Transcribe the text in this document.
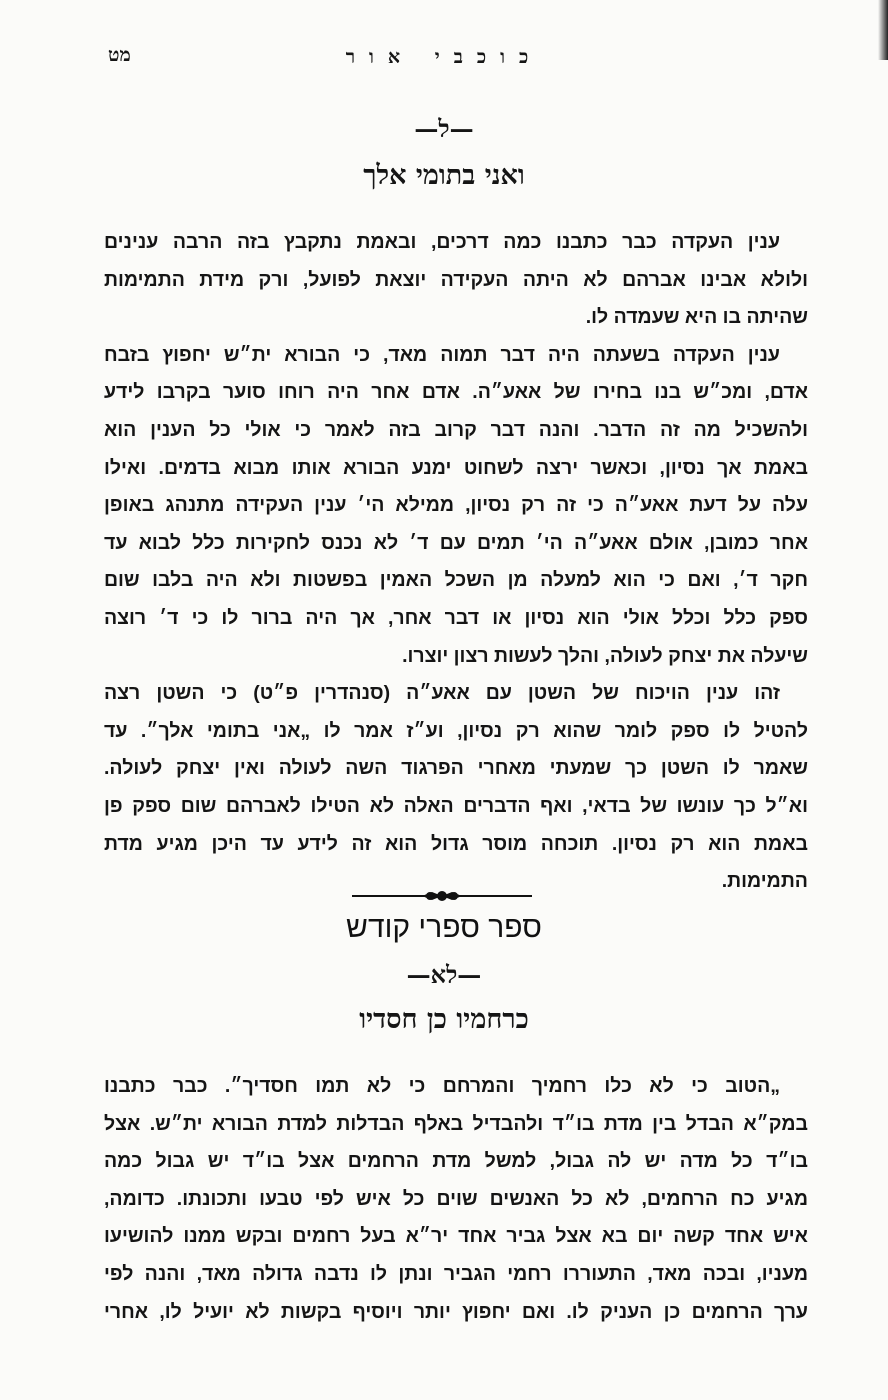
כוכבי אור
מט
—ל—
ואני בתומי אלך
ענין העקדה כבר כתבנו כמה דרכים, ובאמת נתקבץ בזה הרבה ענינים
ולולא אבינו אברהם לא היתה העקידה יוצאת לפועל, ורק מידת התמימות
שהיתה בו היא שעמדה לו.
ענין העקדה בשעתה היה דבר תמוה מאד, כי הבורא ית״ש יחפוץ בזבח
אדם, ומכ״ש בנו בחירו של אאע״ה. אדם אחר היה רוחו סוער בקרבו לידע
ולהשכיל מה זה הדבר. והנה דבר קרוב בזה לאמר כי אולי כל הענין הוא
באמת אך נסיון, וכאשר ירצה לשחוט ימנע הבורא אותו מבוא בדמים. ואילו
עלה על דעת אאע״ה כי זה רק נסיון, ממילא הי׳ ענין העקידה מתנהג באופן
אחר כמובן, אולם אאע״ה הי׳ תמים עם ד׳ לא נכנס לחקירות כלל לבוא עד
חקר ד׳, ואם כי הוא למעלה מן השכל האמין בפשטות ולא היה בלבו שום
ספק כלל וכלל אולי הוא נסיון או דבר אחר, אך היה ברור לו כי ד׳ רוצה
שיעלה את יצחק לעולה, והלך לעשות רצון יוצרו.
זהו ענין הויכוח של השטן עם אאע״ה (סנהדרין פ״ט) כי השטן רצה
להטיל לו ספק לומר שהוא רק נסיון, וע״ז אמר לו „אני בתומי אלך״. עד
שאמר לו השטן כך שמעתי מאחרי הפרגוד השה לעולה ואין יצחק לעולה.
וא״ל כך עונשו של בדאי, ואף הדברים האלה לא הטילו לאברהם שום ספק פן
באמת הוא רק נסיון. תוכחה מוסר גדול הוא זה לידע עד היכן מגיע מדת
התמימות.
ספר ספרי קודש
—לא—
כרחמיו כן חסדיו
„הטוב כי לא כלו רחמיך והמרחם כי לא תמו חסדיך״. כבר כתבנו
במק״א הבדל בין מדת בו״ד ולהבדיל באלף הבדלות למדת הבורא ית״ש. אצל
בו״ד כל מדה יש לה גבול, למשל מדת הרחמים אצל בו״ד יש גבול כמה
מגיע כח הרחמים, לא כל האנשים שוים כל איש לפי טבעו ותכונתו. כדומה,
איש אחד קשה יום בא אצל גביר אחד יר״א בעל רחמים ובקש ממנו להושיעו
מעניו, ובכה מאד, התעוררו רחמי הגביר ונתן לו נדבה גדולה מאד, והנה לפי
ערך הרחמים כן העניק לו. ואם יחפוץ יותר ויוסיף בקשות לא יועיל לו, אחרי
